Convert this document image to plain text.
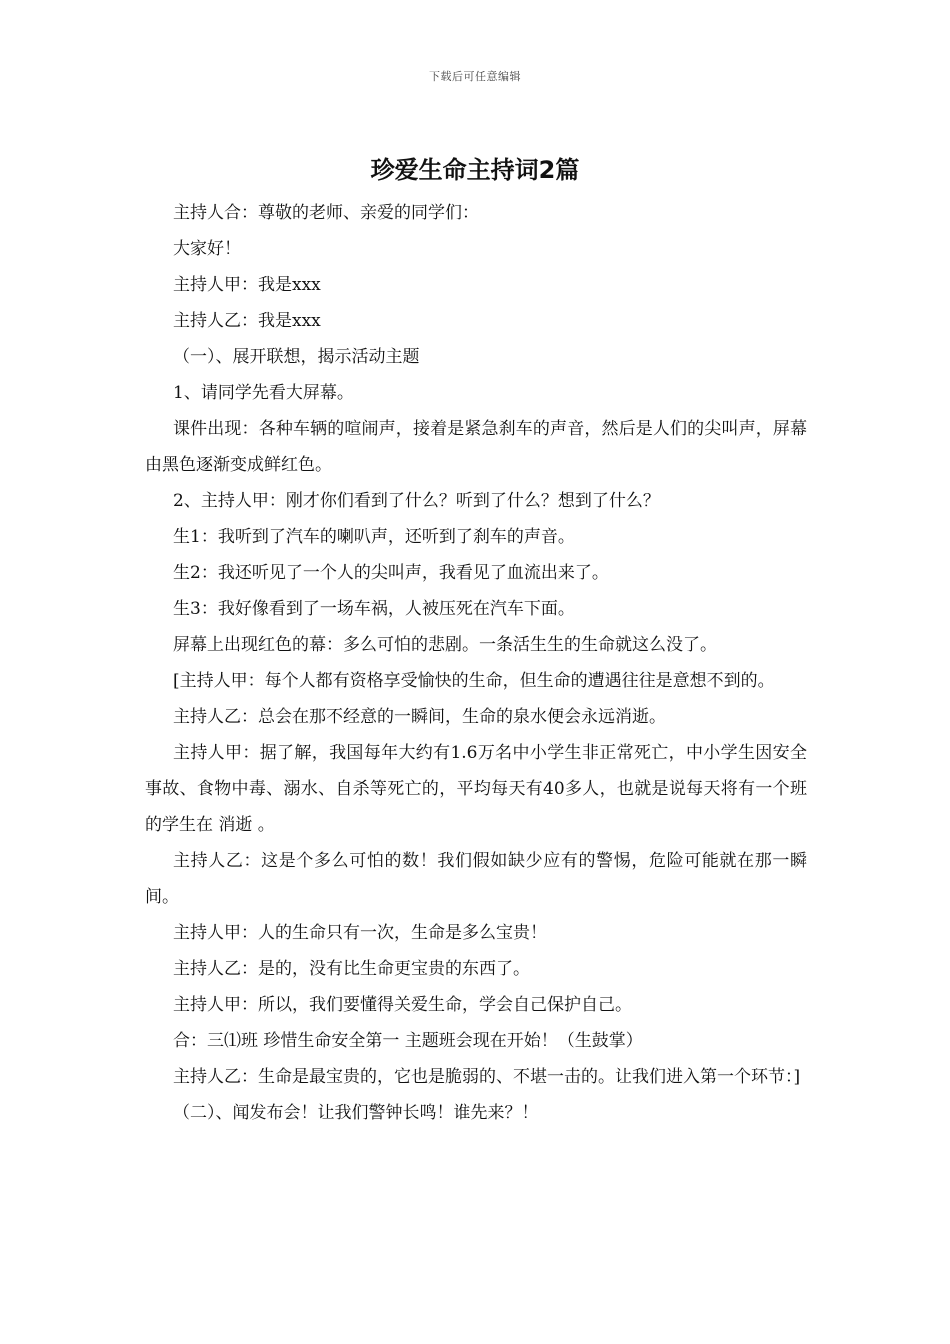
下载后可任意编辑
珍爱生命主持词2篇

主持人合：尊敬的老师、亲爱的同学们：

大家好！

主持人甲：我是xxx

主持人乙：我是xxx

（一）、展开联想，揭示活动主题

1、请同学先看大屏幕。

课件出现：各种车辆的喧闹声，接着是紧急刹车的声音，然后是人们的尖叫声，屏幕由黑色逐渐变成鲜红色。

2、主持人甲：刚才你们看到了什么？听到了什么？想到了什么？

生1：我听到了汽车的喇叭声，还听到了刹车的声音。

生2：我还听见了一个人的尖叫声，我看见了血流出来了。

生3：我好像看到了一场车祸，人被压死在汽车下面。

屏幕上出现红色的幕：多么可怕的悲剧。一条活生生的生命就这么没了。

[主持人甲：每个人都有资格享受愉快的生命，但生命的遭遇往往是意想不到的。

主持人乙：总会在那不经意的一瞬间，生命的泉水便会永远消逝。

主持人甲：据了解，我国每年大约有1.6万名中小学生非正常死亡，中小学生因安全事故、食物中毒、溺水、自杀等死亡的，平均每天有40多人，也就是说每天将有一个班的学生在 消逝 。

主持人乙：这是个多么可怕的数！我们假如缺少应有的警惕，危险可能就在那一瞬间。

主持人甲：人的生命只有一次，生命是多么宝贵！

主持人乙：是的，没有比生命更宝贵的东西了。

主持人甲：所以，我们要懂得关爱生命，学会自己保护自己。

合：三⑴班 珍惜生命安全第一 主题班会现在开始！（生鼓掌）

主持人乙：生命是最宝贵的，它也是脆弱的、不堪一击的。让我们进入第一个环节：]

（二）、闻发布会！让我们警钟长鸣！谁先来？！
